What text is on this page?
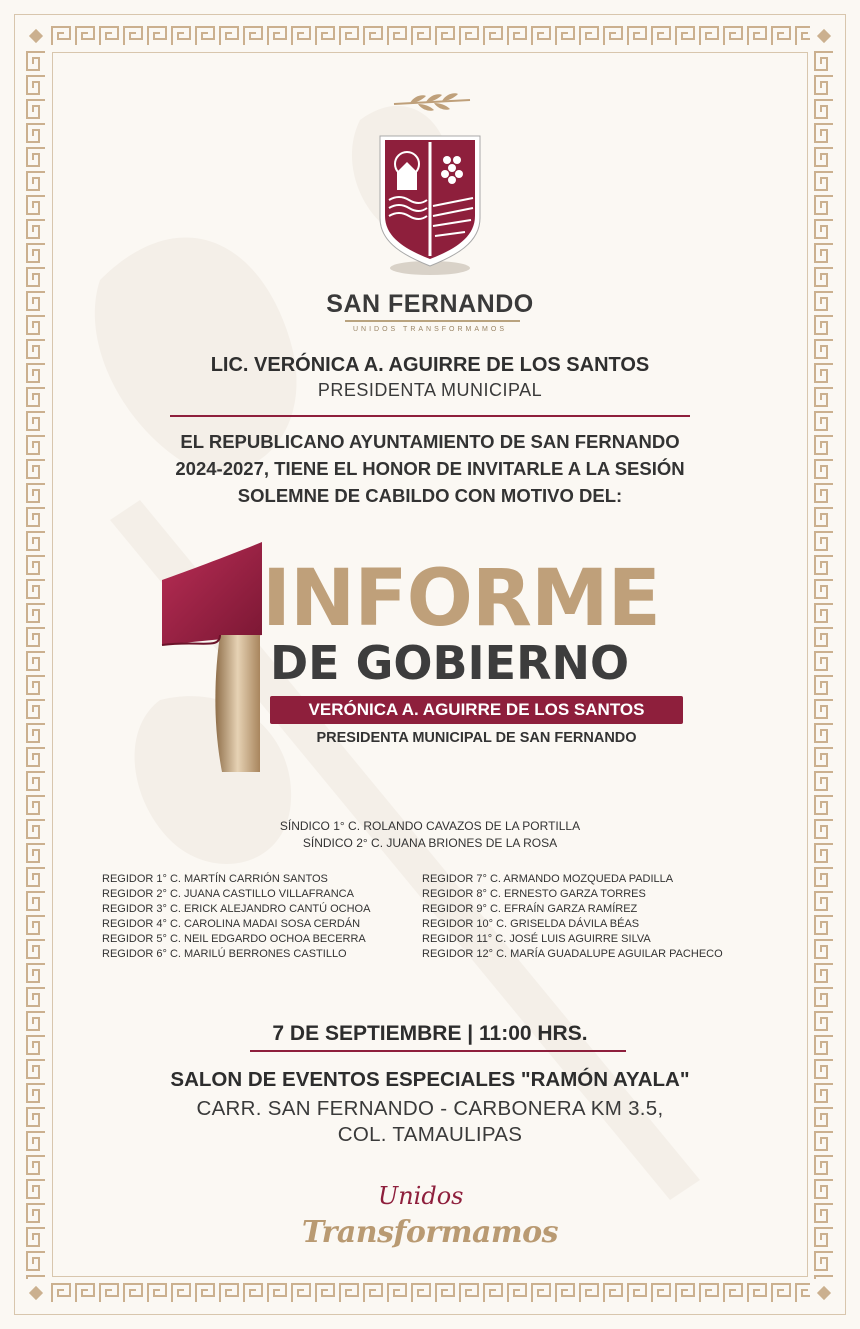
SAN FERNANDO
UNIDOS TRANSFORMAMOS
LIC. VERÓNICA A. AGUIRRE DE LOS SANTOS
PRESIDENTA MUNICIPAL
EL REPUBLICANO AYUNTAMIENTO DE SAN FERNANDO
2024-2027, TIENE EL HONOR DE INVITARLE A LA SESIÓN
SOLEMNE DE CABILDO CON MOTIVO DEL:
INFORME
DE GOBIERNO
VERÓNICA A. AGUIRRE DE LOS SANTOS
PRESIDENTA MUNICIPAL DE SAN FERNANDO
SÍNDICO 1° C. ROLANDO CAVAZOS DE LA PORTILLA
SÍNDICO 2° C. JUANA BRIONES DE LA ROSA
REGIDOR 1° C. MARTÍN CARRIÓN SANTOS
REGIDOR 2° C. JUANA CASTILLO VILLAFRANCA
REGIDOR 3° C. ERICK ALEJANDRO CANTÚ OCHOA
REGIDOR 4° C. CAROLINA MADAI SOSA CERDÁN
REGIDOR 5° C. NEIL EDGARDO OCHOA BECERRA
REGIDOR 6° C. MARILÚ BERRONES CASTILLO
REGIDOR 7° C. ARMANDO MOZQUEDA PADILLA
REGIDOR 8° C. ERNESTO GARZA TORRES
REGIDOR 9° C. EFRAÍN GARZA RAMÍREZ
REGIDOR 10° C. GRISELDA DÁVILA BÉAS
REGIDOR 11° C. JOSÉ LUIS AGUIRRE SILVA
REGIDOR 12° C. MARÍA GUADALUPE AGUILAR PACHECO
7 DE SEPTIEMBRE | 11:00 HRS.
SALON DE EVENTOS ESPECIALES "RAMÓN AYALA"
CARR. SAN FERNANDO - CARBONERA KM 3.5,
COL. TAMAULIPAS
Unidos
Transformamos
